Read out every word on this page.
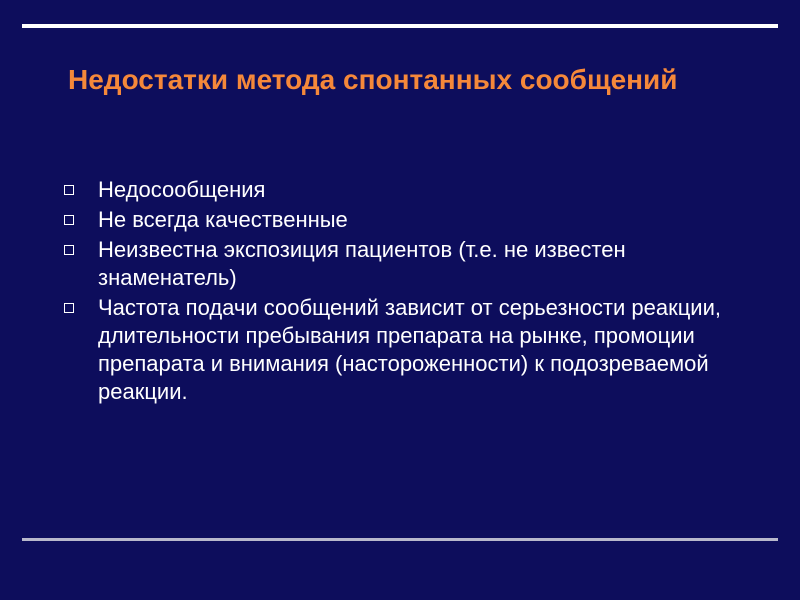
Недостатки метода спонтанных сообщений
Недосообщения
Не всегда качественные
Неизвестна экспозиция пациентов (т.е. не известен знаменатель)
Частота подачи сообщений зависит от серьезности реакции, длительности пребывания препарата на рынке, промоции препарата и внимания (настороженности) к подозреваемой реакции.
